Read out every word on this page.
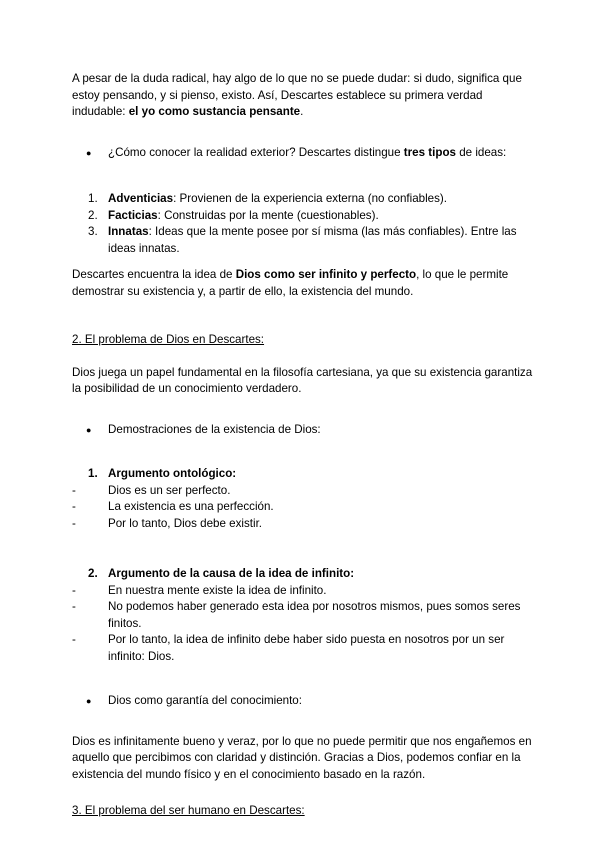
A pesar de la duda radical, hay algo de lo que no se puede dudar: si dudo, significa que estoy pensando, y si pienso, existo. Así, Descartes establece su primera verdad indudable: el yo como sustancia pensante.

●	¿Cómo conocer la realidad exterior? Descartes distingue tres tipos de ideas:
1. Adventicias: Provienen de la experiencia externa (no confiables).
2. Facticias: Construidas por la mente (cuestionables).
3. Innatas: Ideas que la mente posee por sí misma (las más confiables). Entre las ideas innatas.

Descartes encuentra la idea de Dios como ser infinito y perfecto, lo que le permite demostrar su existencia y, a partir de ello, la existencia del mundo.

2. El problema de Dios en Descartes:

Dios juega un papel fundamental en la filosofía cartesiana, ya que su existencia garantiza la posibilidad de un conocimiento verdadero.

●	Demostraciones de la existencia de Dios:
1. Argumento ontológico:
-	Dios es un ser perfecto.
-	La existencia es una perfección.
-	Por lo tanto, Dios debe existir.
2. Argumento de la causa de la idea de infinito:
-	En nuestra mente existe la idea de infinito.
-	No podemos haber generado esta idea por nosotros mismos, pues somos seres finitos.
-	Por lo tanto, la idea de infinito debe haber sido puesta en nosotros por un ser infinito: Dios.
●	Dios como garantía del conocimiento:

Dios es infinitamente bueno y veraz, por lo que no puede permitir que nos engañemos en aquello que percibimos con claridad y distinción. Gracias a Dios, podemos confiar en la existencia del mundo físico y en el conocimiento basado en la razón.

3. El problema del ser humano en Descartes:
